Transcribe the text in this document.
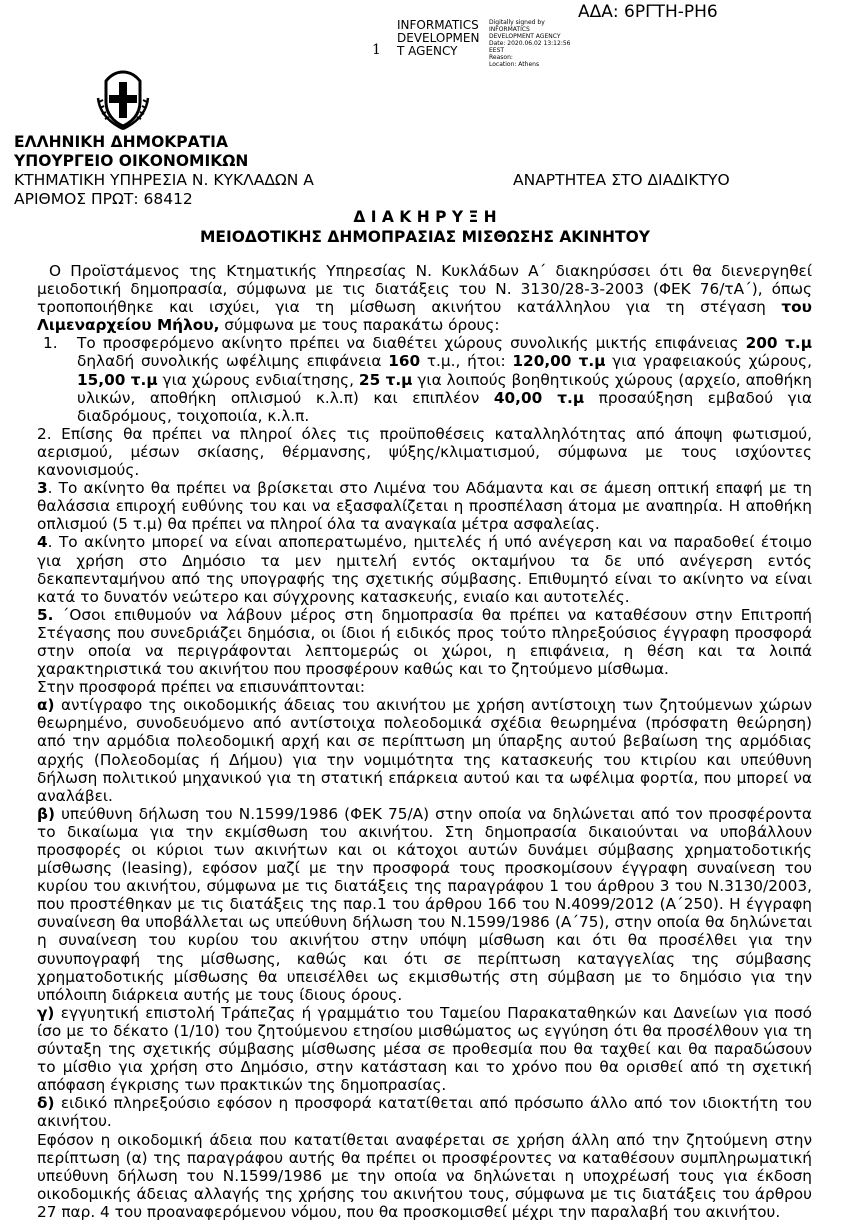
ΑΔΑ: 6ΡΓΤΗ-ΡΗ6
1
INFORMATICS DEVELOPMEN T AGENCY
Digitally signed by
INFORMATICS
DEVELOPMENT AGENCY
Date: 2020.06.02 13:12:56
EEST
Reason:
Location: Athens
ΕΛΛΗΝΙΚΗ ΔΗΜΟΚΡΑΤΙΑ
ΥΠΟΥΡΓΕΙΟ ΟΙΚΟΝΟΜΙΚΩΝ
ΚΤΗΜΑΤΙΚΗ ΥΠΗΡΕΣΙΑ Ν. ΚΥΚΛΑΔΩΝ Α
ΑΡΙΘΜΟΣ ΠΡΩΤ: 68412
ΑΝΑΡΤΗΤΕΑ ΣΤΟ ΔΙΑΔΙΚΤΥΟ
Δ Ι Α Κ Η Ρ Υ Ξ Η
ΜΕΙΟΔΟΤΙΚΗΣ ΔΗΜΟΠΡΑΣΙΑΣ ΜΙΣΘΩΣΗΣ ΑΚΙΝΗΤΟΥ

Ο Προϊστάμενος της Κτηματικής Υπηρεσίας Ν. Κυκλάδων Α΄ διακηρύσσει ότι θα διενεργηθεί μειοδοτική δημοπρασία, σύμφωνα με τις διατάξεις του Ν. 3130/28-3-2003 (ΦΕΚ 76/τΑ΄), όπως τροποποιήθηκε και ισχύει, για τη μίσθωση ακινήτου κατάλληλου για τη στέγαση του Λιμεναρχείου Μήλου, σύμφωνα με τους παρακάτω όρους:

1.	Το προσφερόμενο ακίνητο πρέπει να διαθέτει χώρους συνολικής μικτής επιφάνειας 200 τ.μ δηλαδή συνολικής ωφέλιμης επιφάνεια 160 τ.μ., ήτοι: 120,00 τ.μ για γραφειακούς χώρους, 15,00 τ.μ για χώρους ενδιαίτησης, 25 τ.μ για λοιπούς βοηθητικούς χώρους (αρχείο, αποθήκη υλικών, αποθήκη οπλισμού κ.λ.π) και επιπλέον 40,00 τ.μ προσαύξηση εμβαδού για διαδρόμους, τοιχοποιία, κ.λ.π.

2. Επίσης θα πρέπει να πληροί όλες τις προϋποθέσεις καταλληλότητας από άποψη φωτισμού, αερισμού, μέσων σκίασης, θέρμανσης, ψύξης/κλιματισμού, σύμφωνα με τους ισχύοντες κανονισμούς.

3. Το ακίνητο θα πρέπει να βρίσκεται στο Λιμένα του Αδάμαντα και σε άμεση οπτική επαφή με τη θαλάσσια επιροχή ευθύνης του και να εξασφαλίζεται η προσπέλαση άτομα με αναπηρία. Η αποθήκη οπλισμού (5 τ.μ) θα πρέπει να πληροί όλα τα αναγκαία μέτρα ασφαλείας.

4. Το ακίνητο μπορεί να είναι αποπερατωμένο, ημιτελές ή υπό ανέγερση και να παραδοθεί έτοιμο για χρήση στο Δημόσιο τα μεν ημιτελή εντός οκταμήνου τα δε υπό ανέγερση εντός δεκαπενταμήνου από της υπογραφής της σχετικής σύμβασης. Επιθυμητό είναι το ακίνητο να είναι κατά το δυνατόν νεώτερο και σύγχρονης κατασκευής, ενιαίο και αυτοτελές.

5. ΄Οσοι επιθυμούν να λάβουν μέρος στη δημοπρασία θα πρέπει να καταθέσουν στην Επιτροπή Στέγασης που συνεδριάζει δημόσια, οι ίδιοι ή ειδικός προς τούτο πληρεξούσιος έγγραφη προσφορά στην οποία να περιγράφονται λεπτομερώς οι χώροι, η επιφάνεια, η θέση και τα λοιπά χαρακτηριστικά του ακινήτου που προσφέρουν καθώς και το ζητούμενο μίσθωμα.

Στην προσφορά πρέπει να επισυνάπτονται:

α) αντίγραφο της οικοδομικής άδειας του ακινήτου με χρήση αντίστοιχη των ζητούμενων χώρων θεωρημένο, συνοδευόμενο από αντίστοιχα πολεοδομικά σχέδια θεωρημένα (πρόσφατη θεώρηση) από την αρμόδια πολεοδομική αρχή και σε περίπτωση μη ύπαρξης αυτού βεβαίωση της αρμόδιας αρχής (Πολεοδομίας ή Δήμου) για την νομιμότητα της κατασκευής του κτιρίου και υπεύθυνη δήλωση πολιτικού μηχανικού για τη στατική επάρκεια αυτού και τα ωφέλιμα φορτία, που μπορεί να αναλάβει.

β) υπεύθυνη δήλωση του Ν.1599/1986 (ΦΕΚ 75/Α) στην οποία να δηλώνεται από τον προσφέροντα το δικαίωμα για την εκμίσθωση του ακινήτου. Στη δημοπρασία δικαιούνται να υποβάλλουν προσφορές οι κύριοι των ακινήτων και οι κάτοχοι αυτών δυνάμει σύμβασης χρηματοδοτικής μίσθωσης (leasing), εφόσον μαζί με την προσφορά τους προσκομίσουν έγγραφη συναίνεση του κυρίου του ακινήτου, σύμφωνα με τις διατάξεις της παραγράφου 1 του άρθρου 3 του Ν.3130/2003, που προστέθηκαν με τις διατάξεις της παρ.1 του άρθρου 166 του Ν.4099/2012 (Α΄250). Η έγγραφη συναίνεση θα υποβάλλεται ως υπεύθυνη δήλωση του Ν.1599/1986 (Α΄75), στην οποία θα δηλώνεται η συναίνεση του κυρίου του ακινήτου στην υπόψη μίσθωση και ότι θα προσέλθει για την συνυπογραφή της μίσθωσης, καθώς και ότι σε περίπτωση καταγγελίας της σύμβασης χρηματοδοτικής μίσθωσης θα υπεισέλθει ως εκμισθωτής στη σύμβαση με το δημόσιο για την υπόλοιπη διάρκεια αυτής με τους ίδιους όρους.

γ) εγγυητική επιστολή Τράπεζας ή γραμμάτιο του Ταμείου Παρακαταθηκών και Δανείων για ποσό ίσο με το δέκατο (1/10) του ζητούμενου ετησίου μισθώματος ως εγγύηση ότι θα προσέλθουν για τη σύνταξη της σχετικής σύμβασης μίσθωσης μέσα σε προθεσμία που θα ταχθεί και θα παραδώσουν το μίσθιο για χρήση στο Δημόσιο, στην κατάσταση και το χρόνο που θα ορισθεί από τη σχετική απόφαση έγκρισης των πρακτικών της δημοπρασίας.

δ) ειδικό πληρεξούσιο εφόσον η προσφορά κατατίθεται από πρόσωπο άλλο από τον ιδιοκτήτη του ακινήτου.

Εφόσον η οικοδομική άδεια που κατατίθεται αναφέρεται σε χρήση άλλη από την ζητούμενη στην περίπτωση (α) της παραγράφου αυτής θα πρέπει οι προσφέροντες να καταθέσουν συμπληρωματική υπεύθυνη δήλωση του Ν.1599/1986 με την οποία να δηλώνεται η υποχρέωσή τους για έκδοση οικοδομικής άδειας αλλαγής της χρήσης του ακινήτου τους, σύμφωνα με τις διατάξεις του άρθρου 27 παρ. 4 του προαναφερόμενου νόμου, που θα προσκομισθεί μέχρι την παραλαβή του ακινήτου.
